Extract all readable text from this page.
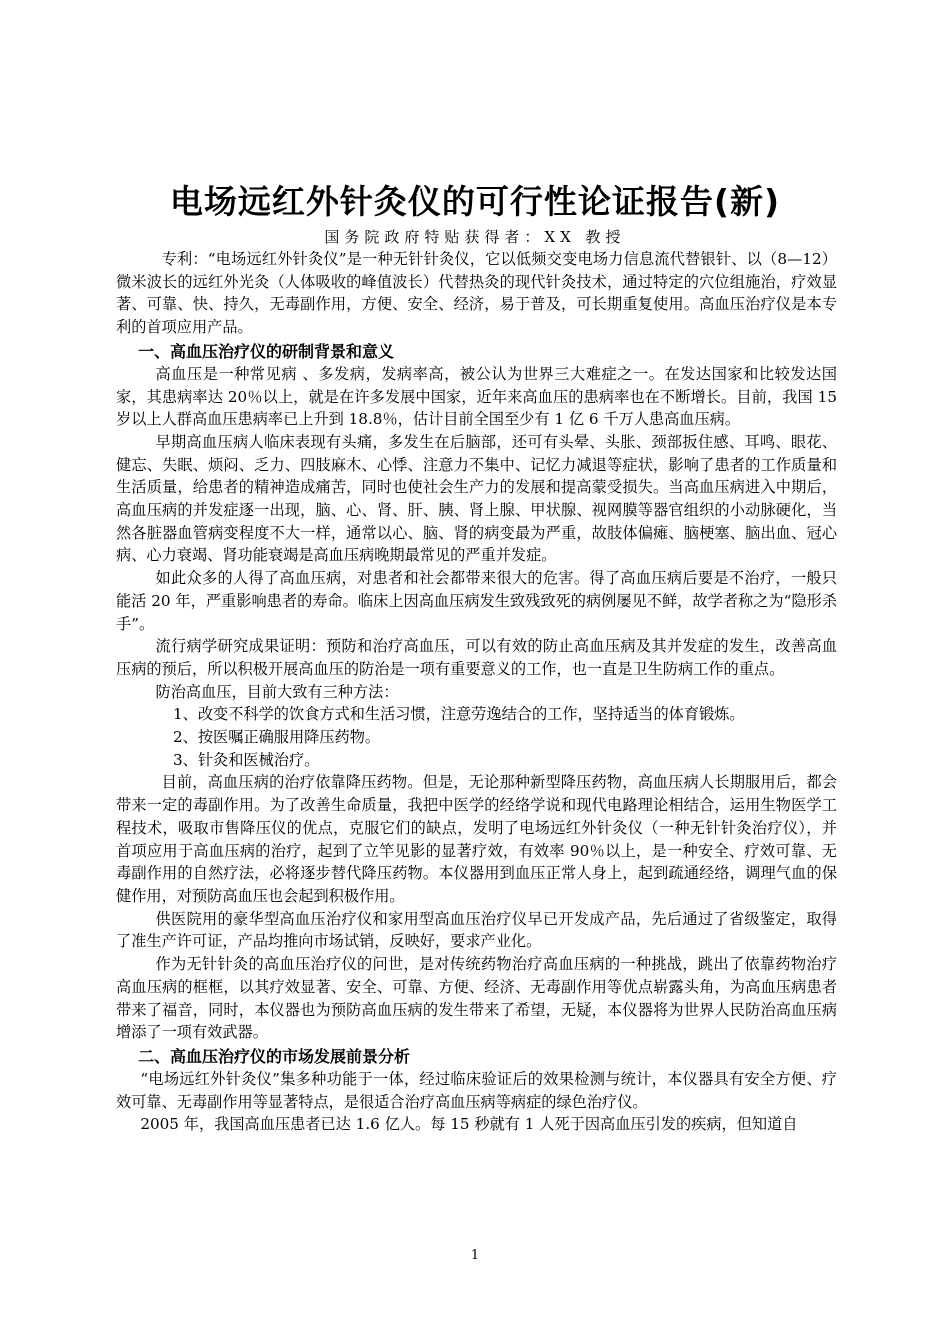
电场远红外针灸仪的可行性论证报告(新)
国务院政府特贴获得者：XX 教授

专利：“电场远红外针灸仪”是一种无针针灸仪，它以低频交变电场力信息流代替银针、以（8—12）微米波长的远红外光灸（人体吸收的峰值波长）代替热灸的现代针灸技术，通过特定的穴位组施治，疗效显著、可靠、快、持久，无毒副作用，方便、安全、经济，易于普及，可长期重复使用。高血压治疗仪是本专利的首项应用产品。

一、高血压治疗仪的研制背景和意义

高血压是一种常见病 、多发病，发病率高，被公认为世界三大难症之一。在发达国家和比较发达国家，其患病率达 20％以上，就是在许多发展中国家，近年来高血压的患病率也在不断增长。目前，我国 15 岁以上人群高血压患病率已上升到 18.8％，估计目前全国至少有 1 亿 6 千万人患高血压病。

早期高血压病人临床表现有头痛，多发生在后脑部，还可有头晕、头胀、颈部扳住感、耳鸣、眼花、健忘、失眠、烦闷、乏力、四肢麻木、心悸、注意力不集中、记忆力减退等症状，影响了患者的工作质量和生活质量，给患者的精神造成痛苦，同时也使社会生产力的发展和提高蒙受损失。当高血压病进入中期后，高血压病的并发症逐一出现，脑、心、肾、肝、胰、肾上腺、甲状腺、视网膜等器官组织的小动脉硬化，当然各脏器血管病变程度不大一样，通常以心、脑、肾的病变最为严重，故肢体偏瘫、脑梗塞、脑出血、冠心病、心力衰竭、肾功能衰竭是高血压病晚期最常见的严重并发症。

如此众多的人得了高血压病，对患者和社会都带来很大的危害。得了高血压病后要是不治疗，一般只能活 20 年，严重影响患者的寿命。临床上因高血压病发生致残致死的病例屡见不鲜，故学者称之为“隐形杀手”。

流行病学研究成果证明：预防和治疗高血压，可以有效的防止高血压病及其并发症的发生，改善高血压病的预后，所以积极开展高血压的防治是一项有重要意义的工作，也一直是卫生防病工作的重点。

防治高血压，目前大致有三种方法：

1、改变不科学的饮食方式和生活习惯，注意劳逸结合的工作，坚持适当的体育锻炼。

2、按医嘱正确服用降压药物。

3、针灸和医械治疗。

目前，高血压病的治疗依靠降压药物。但是，无论那种新型降压药物，高血压病人长期服用后，都会带来一定的毒副作用。为了改善生命质量，我把中医学的经络学说和现代电路理论相结合，运用生物医学工程技术，吸取市售降压仪的优点，克服它们的缺点，发明了电场远红外针灸仪（一种无针针灸治疗仪），并首项应用于高血压病的治疗，起到了立竿见影的显著疗效，有效率 90％以上，是一种安全、疗效可靠、无毒副作用的自然疗法，必将逐步替代降压药物。本仪器用到血压正常人身上，起到疏通经络，调理气血的保健作用，对预防高血压也会起到积极作用。

供医院用的豪华型高血压治疗仪和家用型高血压治疗仪早已开发成产品，先后通过了省级鉴定，取得了准生产许可证，产品均推向市场试销，反映好，要求产业化。

作为无针针灸的高血压治疗仪的问世，是对传统药物治疗高血压病的一种挑战，跳出了依靠药物治疗高血压病的框框，以其疗效显著、安全、可靠、方便、经济、无毒副作用等优点崭露头角，为高血压病患者带来了福音，同时，本仪器也为预防高血压病的发生带来了希望，无疑，本仪器将为世界人民防治高血压病增添了一项有效武器。

二、高血压治疗仪的市场发展前景分析

“电场远红外针灸仪”集多种功能于一体，经过临床验证后的效果检测与统计，本仪器具有安全方便、疗效可靠、无毒副作用等显著特点，是很适合治疗高血压病等病症的绿色治疗仪。

2005 年，我国高血压患者已达 1.6 亿人。每 15 秒就有 1 人死于因高血压引发的疾病，但知道自

1
